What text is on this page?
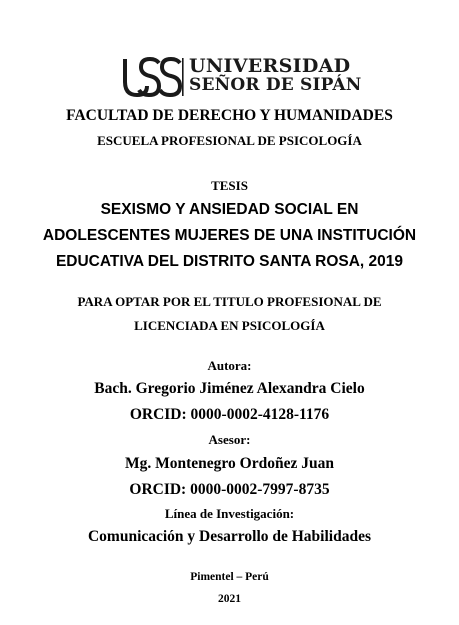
UNIVERSIDAD
SEÑOR DE SIPÁN
FACULTAD DE DERECHO Y HUMANIDADES
ESCUELA PROFESIONAL DE PSICOLOGÍA
TESIS
SEXISMO Y ANSIEDAD SOCIAL EN
ADOLESCENTES MUJERES DE UNA INSTITUCIÓN
EDUCATIVA DEL DISTRITO SANTA ROSA, 2019
PARA OPTAR POR EL TITULO PROFESIONAL DE
LICENCIADA EN PSICOLOGÍA
Autora:
Bach. Gregorio Jiménez Alexandra Cielo
ORCID: 0000-0002-4128-1176
Asesor:
Mg. Montenegro Ordoñez Juan
ORCID: 0000-0002-7997-8735
Línea de Investigación:
Comunicación y Desarrollo de Habilidades
Pimentel – Perú
2021
